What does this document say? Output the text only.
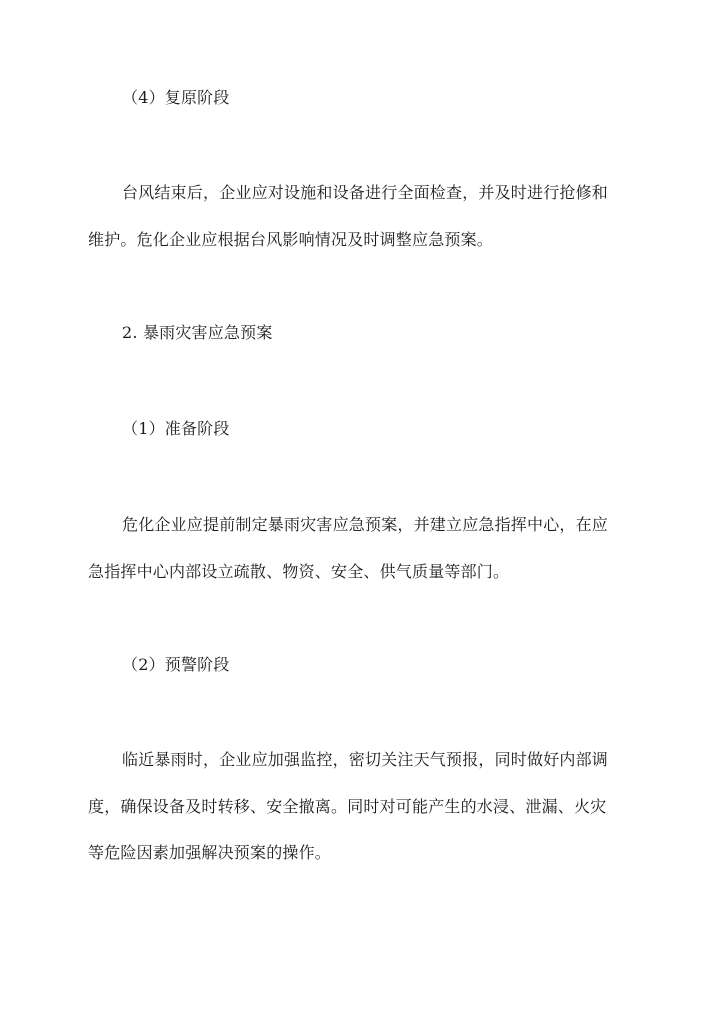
（4）复原阶段

台风结束后，企业应对设施和设备进行全面检查，并及时进行抢修和

维护。危化企业应根据台风影响情况及时调整应急预案。

2. 暴雨灾害应急预案

（1）准备阶段

危化企业应提前制定暴雨灾害应急预案，并建立应急指挥中心，在应

急指挥中心内部设立疏散、物资、安全、供气质量等部门。

（2）预警阶段

临近暴雨时，企业应加强监控，密切关注天气预报，同时做好内部调

度，确保设备及时转移、安全撤离。同时对可能产生的水浸、泄漏、火灾

等危险因素加强解决预案的操作。
